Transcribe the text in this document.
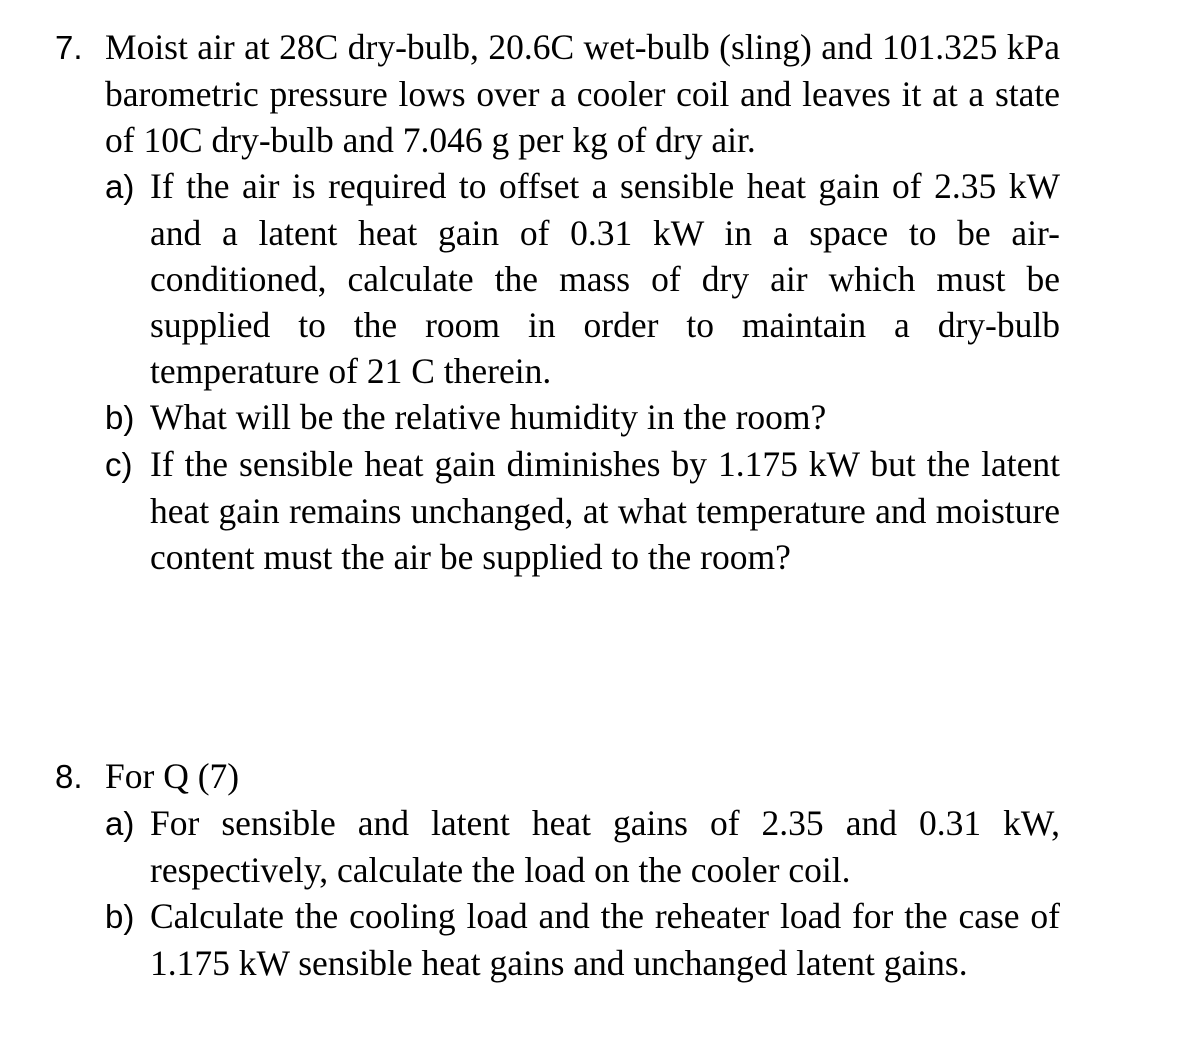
7. Moist air at 28C dry-bulb, 20.6C wet-bulb (sling) and 101.325 kPa barometric pressure lows over a cooler coil and leaves it at a state of 10C dry-bulb and 7.046 g per kg of dry air.
a) If the air is required to offset a sensible heat gain of 2.35 kW and a latent heat gain of 0.31 kW in a space to be air-conditioned, calculate the mass of dry air which must be supplied to the room in order to maintain a dry-bulb temperature of 21 C therein.
b) What will be the relative humidity in the room?
c) If the sensible heat gain diminishes by 1.175 kW but the latent heat gain remains unchanged, at what temperature and moisture content must the air be supplied to the room?
8. For Q (7)
a) For sensible and latent heat gains of 2.35 and 0.31 kW, respectively, calculate the load on the cooler coil.
b) Calculate the cooling load and the reheater load for the case of 1.175 kW sensible heat gains and unchanged latent gains.
